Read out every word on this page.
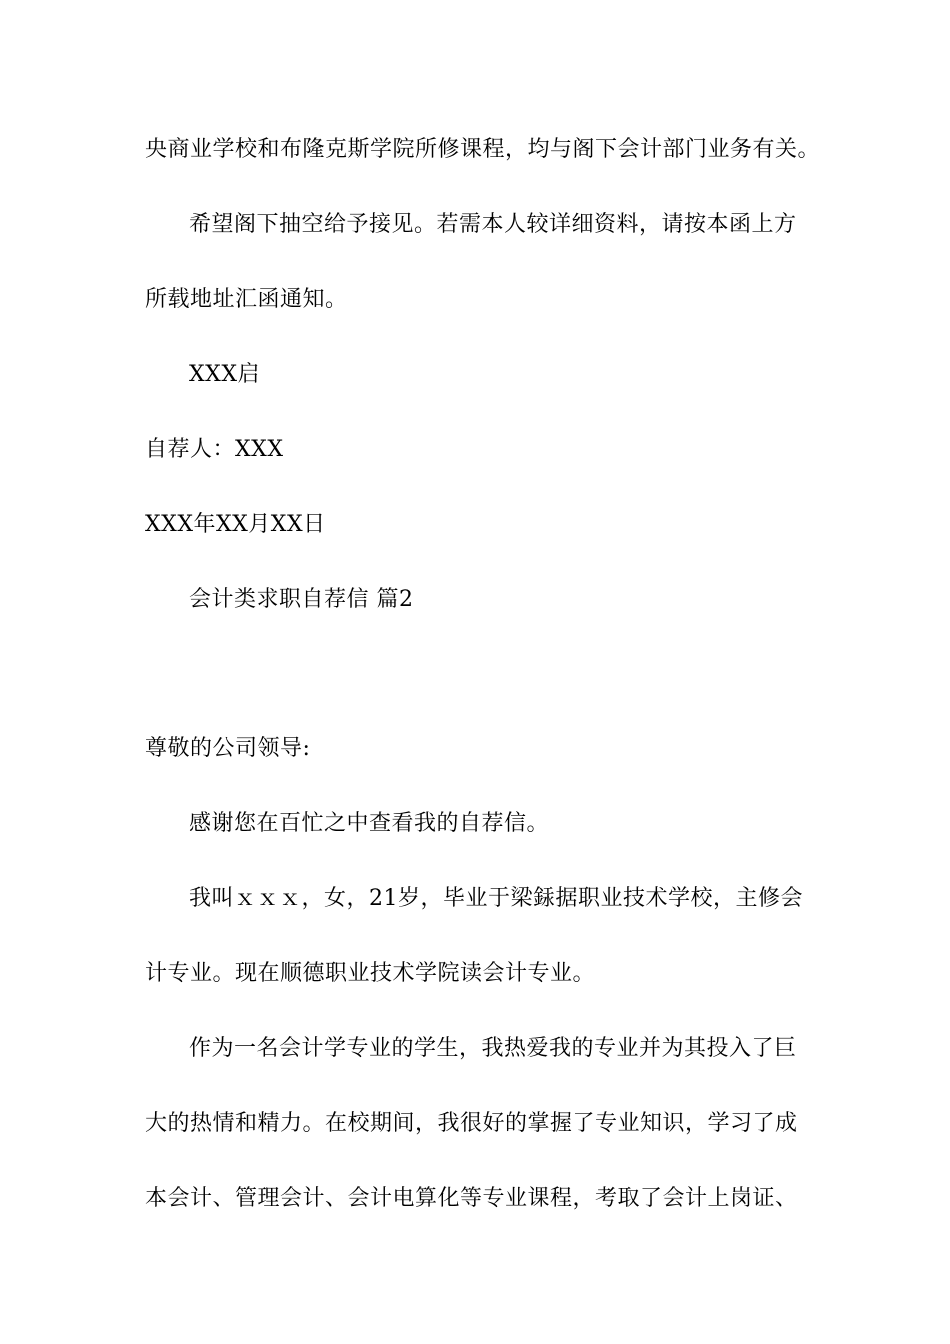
央商业学校和布隆克斯学院所修课程，均与阁下会计部门业务有关。
希望阁下抽空给予接见。若需本人较详细资料，请按本函上方
所载地址汇函通知。
XXX启
自荐人：XXX
XXX年XX月XX日
会计类求职自荐信 篇2
尊敬的公司领导:
感谢您在百忙之中查看我的自荐信。
我叫ｘｘｘ，女，21岁，毕业于梁銾据职业技术学校，主修会
计专业。现在顺德职业技术学院读会计专业。
作为一名会计学专业的学生，我热爱我的专业并为其投入了巨
大的热情和精力。在校期间，我很好的掌握了专业知识，学习了成
本会计、管理会计、会计电算化等专业课程，考取了会计上岗证、
